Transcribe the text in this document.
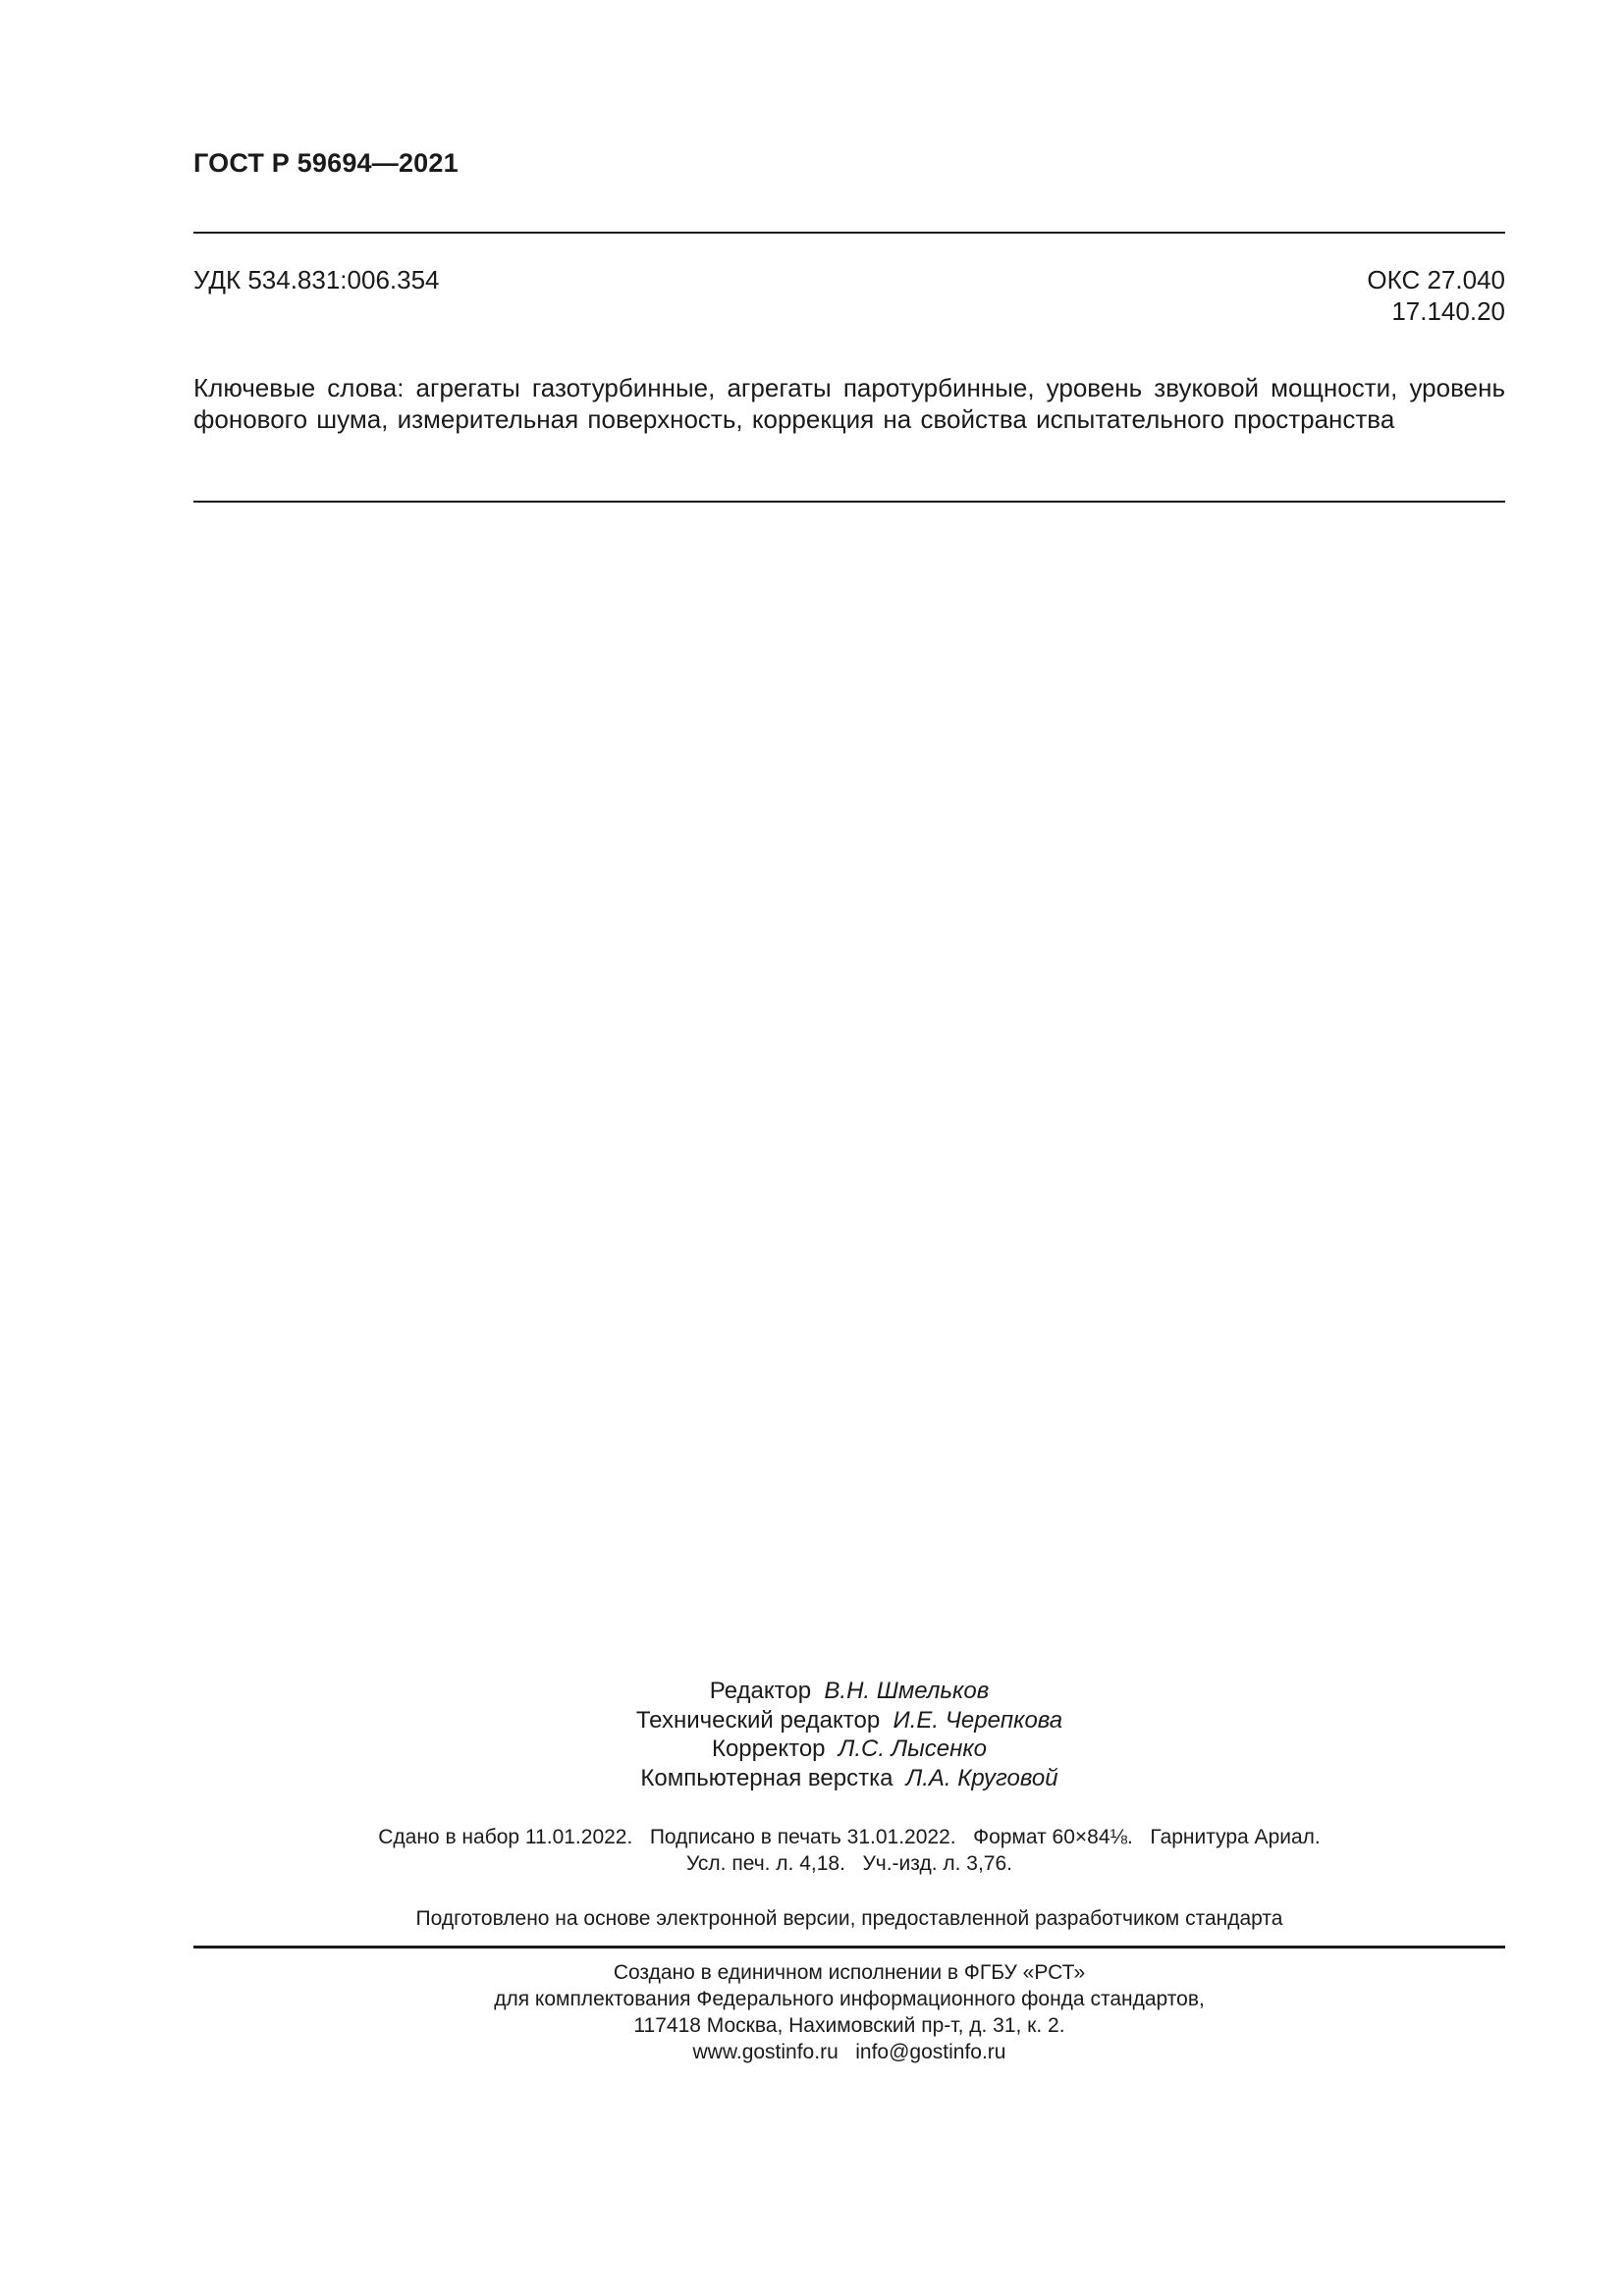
ГОСТ Р 59694—2021
УДК 534.831:006.354	ОКС 27.040
17.140.20
Ключевые слова: агрегаты газотурбинные, агрегаты паротурбинные, уровень звуковой мощности, уровень фонового шума, измерительная поверхность, коррекция на свойства испытательного пространства
Редактор В.Н. Шмельков
Технический редактор И.Е. Черепкова
Корректор Л.С. Лысенко
Компьютерная верстка Л.А. Круговой
Сдано в набор 11.01.2022.   Подписано в печать 31.01.2022.   Формат 60×84⅛.   Гарнитура Ариал.
Усл. печ. л. 4,18.   Уч.-изд. л. 3,76.
Подготовлено на основе электронной версии, предоставленной разработчиком стандарта
Создано в единичном исполнении в ФГБУ «РСТ»
для комплектования Федерального информационного фонда стандартов,
117418 Москва, Нахимовский пр-т, д. 31, к. 2.
www.gostinfo.ru   info@gostinfo.ru
